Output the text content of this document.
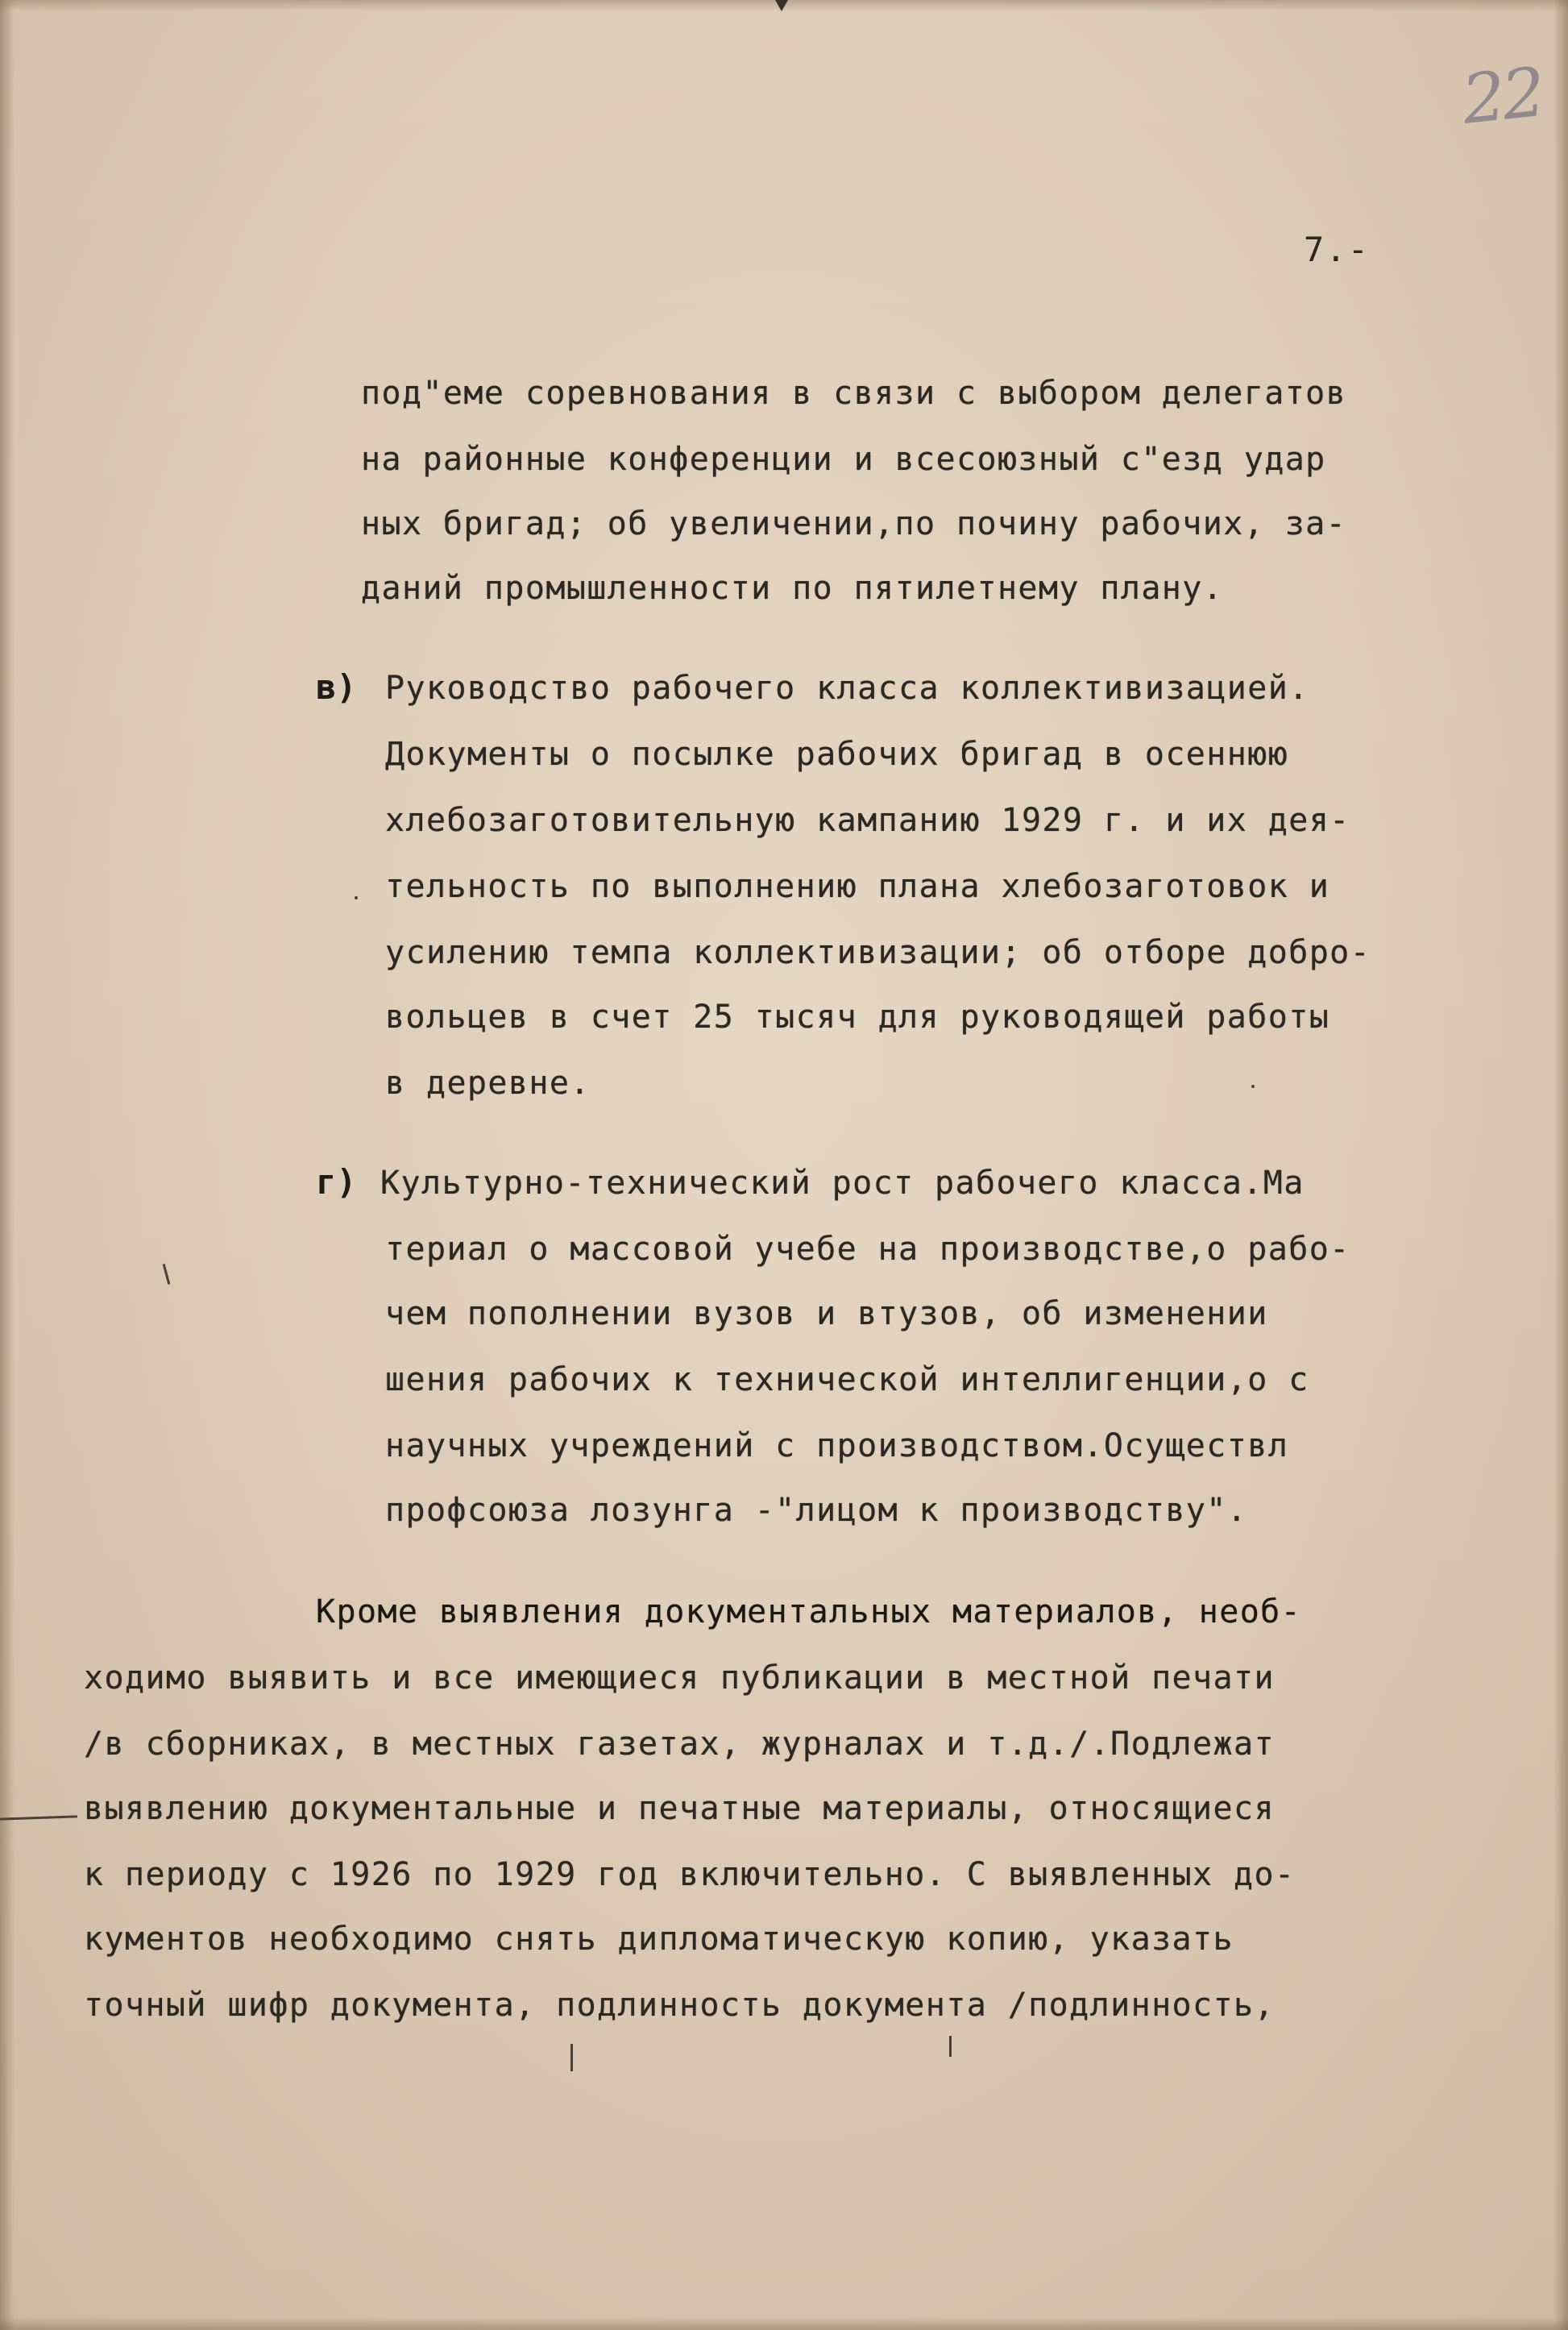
22
7.-
под"еме соревнования в связи с выбором делегатов
на районные конференции и всесоюзный с"езд удар
ных бригад; об увеличении,по почину рабочих, за-
даний промышленности по пятилетнему плану.
в) Руководство рабочего класса коллективизацией.
Документы о посылке рабочих бригад в осеннюю
хлебозаготовительную кампанию 1929 г. и их дея-
тельность по выполнению плана хлебозаготовок и
усилению темпа коллективизации; об отборе добро-
вольцев в счет 25 тысяч для руководящей работы
в деревне.
г) Культурно-технический рост рабочего класса.Ма
териал о массовой учебе на производстве,о рабо-
чем пополнении вузов и втузов, об изменении
шения рабочих к технической интеллигенции,о с
научных учреждений с производством.Осуществл
профсоюза лозунга -"лицом к производству".
Кроме выявления документальных материалов, необ-
ходимо выявить и все имеющиеся публикации в местной печати
/в сборниках, в местных газетах, журналах и т.д./.Подлежат
выявлению документальные и печатные материалы, относящиеся
к периоду с 1926 по 1929 год включительно. С выявленных до-
кументов необходимо снять дипломатическую копию, указать
точный шифр документа, подлинность документа /подлинность,
